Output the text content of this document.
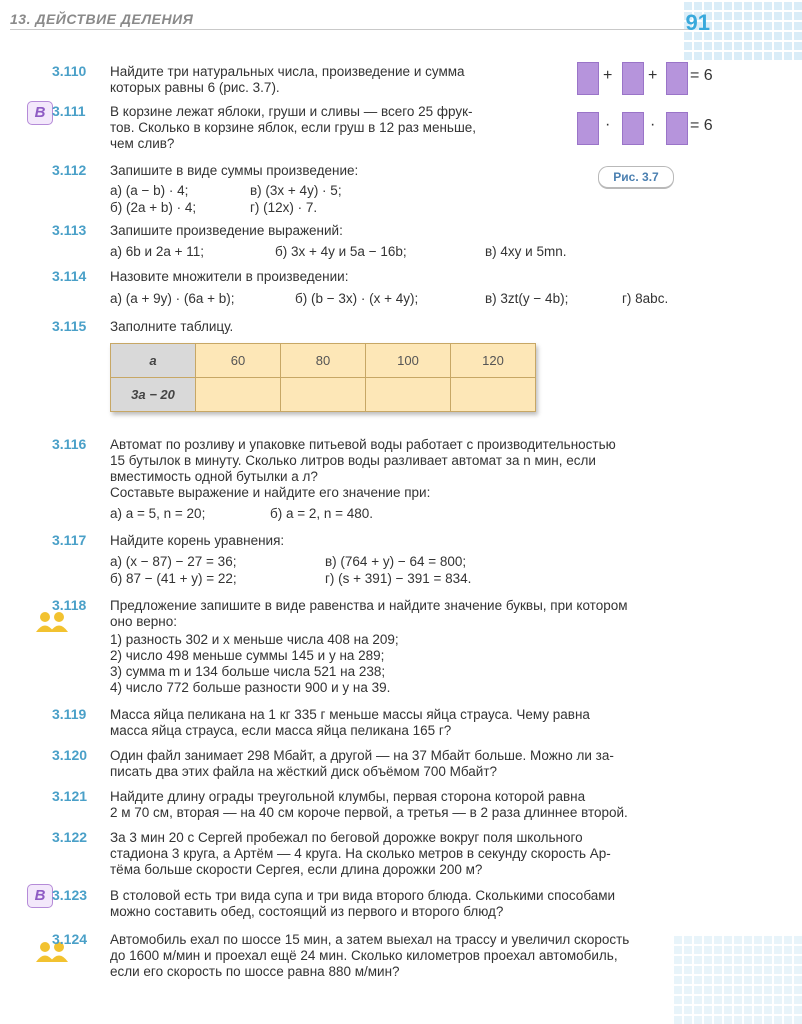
13. ДЕЙСТВИЕ ДЕЛЕНИЯ	91
+ + = 6
· · = 6
Рис. 3.7
3.110 Найдите три натуральных числа, произведение и сумма
которых равны 6 (рис. 3.7).
B 3.111 В корзине лежат яблоки, груши и сливы — всего 25 фрук-
тов. Сколько в корзине яблок, если груш в 12 раз меньше,
чем слив?
3.112 Запишите в виде суммы произведение:
а) (a − b) · 4;	в) (3x + 4y) · 5;
б) (2a + b) · 4;	г) (12x) · 7.
3.113 Запишите произведение выражений:
а) 6b и 2a + 11;	б) 3x + 4y и 5a − 16b;	в) 4xy и 5mn.
3.114 Назовите множители в произведении:
а) (a + 9y) · (6a + b);	б) (b − 3x) · (x + 4y);	в) 3zt(y − 4b);	г) 8abc.
3.115 Заполните таблицу.
a	60	80	100	120
3a − 20				
3.116 Автомат по розливу и упаковке питьевой воды работает с производительностью
15 бутылок в минуту. Сколько литров воды разливает автомат за n мин, если
вместимость одной бутылки a л?
Составьте выражение и найдите его значение при:
а) a = 5, n = 20;	б) a = 2, n = 480.
3.117 Найдите корень уравнения:
а) (x − 87) − 27 = 36;	в) (764 + y) − 64 = 800;
б) 87 − (41 + y) = 22;	г) (s + 391) − 391 = 834.
3.118 Предложение запишите в виде равенства и найдите значение буквы, при котором
оно верно:
1) разность 302 и x меньше числа 408 на 209;
2) число 498 меньше суммы 145 и y на 289;
3) сумма m и 134 больше числа 521 на 238;
4) число 772 больше разности 900 и y на 39.
3.119 Масса яйца пеликана на 1 кг 335 г меньше массы яйца страуса. Чему равна
масса яйца страуса, если масса яйца пеликана 165 г?
3.120 Один файл занимает 298 Мбайт, а другой — на 37 Мбайт больше. Можно ли за-
писать два этих файла на жёсткий диск объёмом 700 Мбайт?
3.121 Найдите длину ограды треугольной клумбы, первая сторона которой равна
2 м 70 см, вторая — на 40 см короче первой, а третья — в 2 раза длиннее второй.
3.122 За 3 мин 20 с Сергей пробежал по беговой дорожке вокруг поля школьного
стадиона 3 круга, а Артём — 4 круга. На сколько метров в секунду скорость Ар-
тёма больше скорости Сергея, если длина дорожки 200 м?
B 3.123 В столовой есть три вида супа и три вида второго блюда. Сколькими способами
можно составить обед, состоящий из первого и второго блюд?
3.124 Автомобиль ехал по шоссе 15 мин, а затем выехал на трассу и увеличил скорость
до 1600 м/мин и проехал ещё 24 мин. Сколько километров проехал автомобиль,
если его скорость по шоссе равна 880 м/мин?
